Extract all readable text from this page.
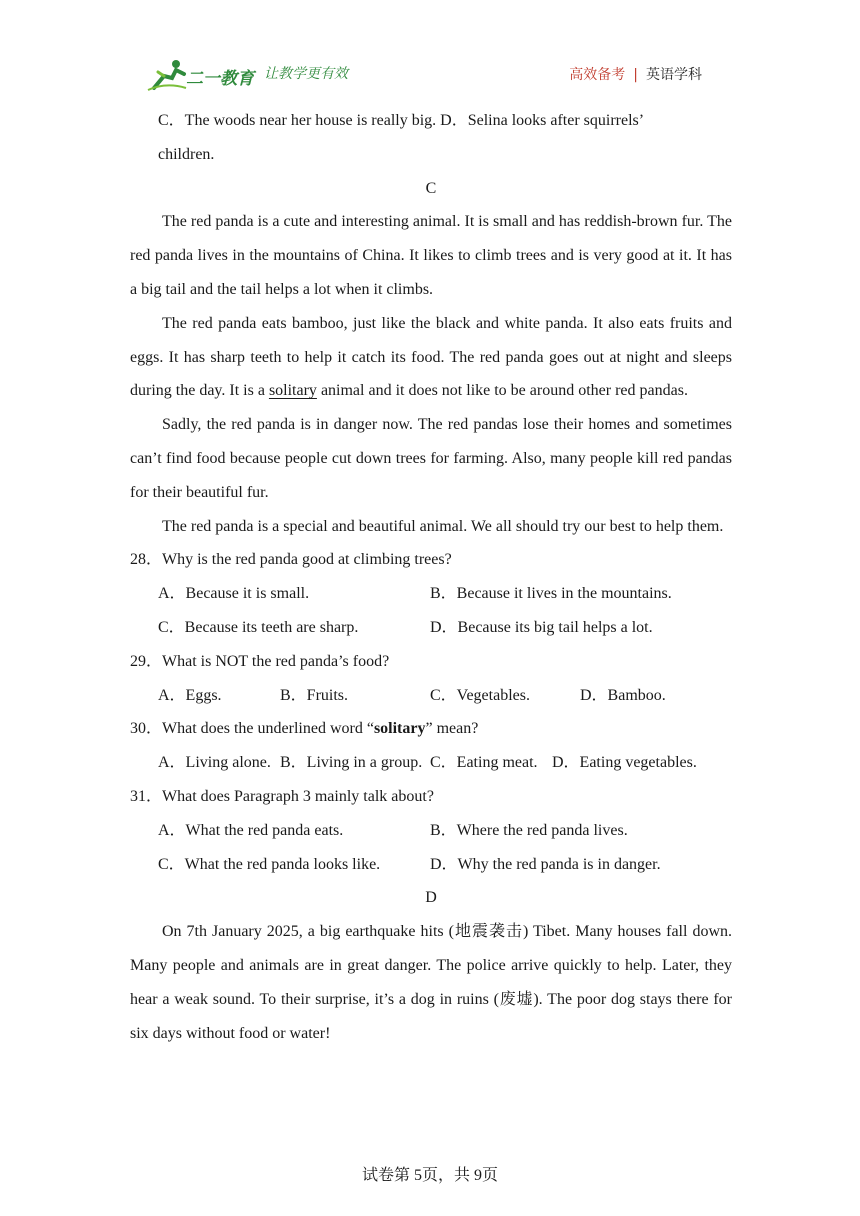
二一教育 让教学更有效	高效备考 | 英语学科

C．The woods near her house is really big. D．Selina looks after squirrels’

children.

C

The red panda is a cute and interesting animal. It is small and has reddish-brown fur. The red panda lives in the mountains of China. It likes to climb trees and is very good at it. It has a big tail and the tail helps a lot when it climbs.

The red panda eats bamboo, just like the black and white panda. It also eats fruits and eggs. It has sharp teeth to help it catch its food. The red panda goes out at night and sleeps during the day. It is a solitary animal and it does not like to be around other red pandas.

Sadly, the red panda is in danger now. The red pandas lose their homes and sometimes can’t find food because people cut down trees for farming. Also, many people kill red pandas for their beautiful fur.

The red panda is a special and beautiful animal. We all should try our best to help them.

28．Why is the red panda good at climbing trees?

A．Because it is small.	B．Because it lives in the mountains.
C．Because its teeth are sharp.	D．Because its big tail helps a lot.

29．What is NOT the red panda’s food?

A．Eggs.	B．Fruits.	C．Vegetables.	D．Bamboo.

30．What does the underlined word “solitary” mean?

A．Living alone. B．Living in a group. C．Eating meat. D．Eating vegetables.

31．What does Paragraph 3 mainly talk about?

A．What the red panda eats.	B．Where the red panda lives.
C．What the red panda looks like.	D．Why the red panda is in danger.

D

On 7th January 2025, a big earthquake hits (地震袭击) Tibet. Many houses fall down. Many people and animals are in great danger. The police arrive quickly to help. Later, they hear a weak sound. To their surprise, it’s a dog in ruins (废墟). The poor dog stays there for six days without food or water!

试卷第 5页，共 9页
